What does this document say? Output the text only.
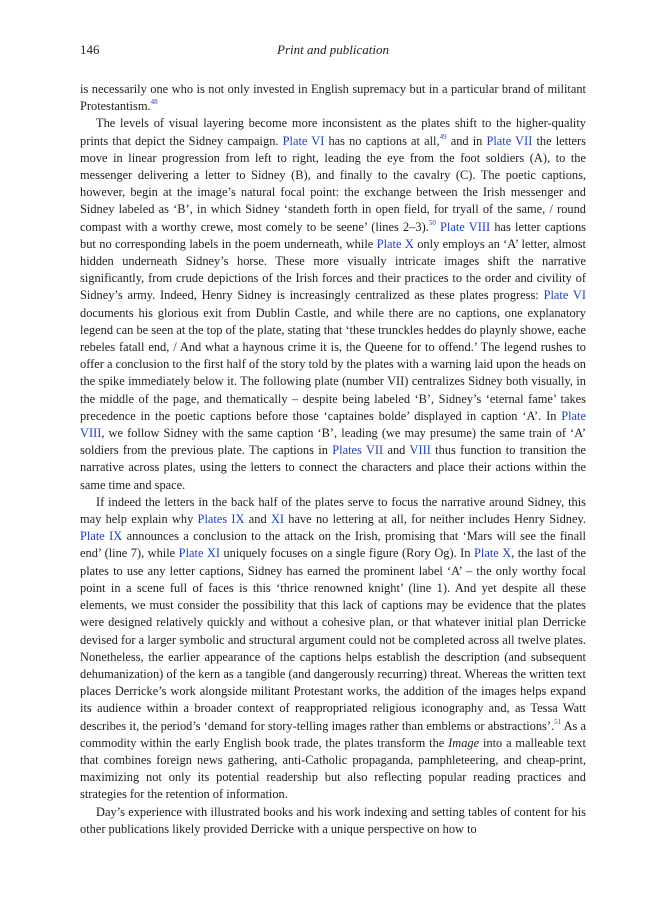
146	Print and publication

is necessarily one who is not only invested in English supremacy but in a particular brand of militant Protestantism.$^{48}$

The levels of visual layering become more inconsistent as the plates shift to the higher-quality prints that depict the Sidney campaign. Plate VI has no captions at all,$^{49}$ and in Plate VII the letters move in linear progression from left to right, leading the eye from the foot soldiers (A), to the messenger delivering a letter to Sidney (B), and finally to the cavalry (C). The poetic captions, however, begin at the image’s natural focal point: the exchange between the Irish messenger and Sidney labeled as ‘B’, in which Sidney ‘standeth forth in open field, for tryall of the same, / round compast with a worthy crewe, most comely to be seene’ (lines 2–3).$^{50}$ Plate VIII has letter captions but no corresponding labels in the poem underneath, while Plate X only employs an ‘A’ letter, almost hidden underneath Sidney’s horse. These more visually intricate images shift the narrative significantly, from crude depictions of the Irish forces and their practices to the order and civility of Sidney’s army. Indeed, Henry Sidney is increasingly centralized as these plates progress: Plate VI documents his glorious exit from Dublin Castle, and while there are no captions, one explanatory legend can be seen at the top of the plate, stating that ‘these trunckles heddes do playnly showe, eache rebeles fatall end, / And what a haynous crime it is, the Queene for to offend.’ The legend rushes to offer a conclusion to the first half of the story told by the plates with a warning laid upon the heads on the spike immediately below it. The following plate (number VII) centralizes Sidney both visually, in the middle of the page, and thematically – despite being labeled ‘B’, Sidney’s ‘eternal fame’ takes precedence in the poetic captions before those ‘captaines bolde’ displayed in caption ‘A’. In Plate VIII, we follow Sidney with the same caption ‘B’, leading (we may presume) the same train of ‘A’ soldiers from the previous plate. The captions in Plates VII and VIII thus function to transition the narrative across plates, using the letters to connect the characters and place their actions within the same time and space.

If indeed the letters in the back half of the plates serve to focus the narrative around Sidney, this may help explain why Plates IX and XI have no lettering at all, for neither includes Henry Sidney. Plate IX announces a conclusion to the attack on the Irish, promising that ‘Mars will see the finall end’ (line 7), while Plate XI uniquely focuses on a single figure (Rory Og). In Plate X, the last of the plates to use any letter captions, Sidney has earned the prominent label ‘A’ – the only worthy focal point in a scene full of faces is this ‘thrice renowned knight’ (line 1). And yet despite all these elements, we must consider the possibility that this lack of captions may be evidence that the plates were designed relatively quickly and without a cohesive plan, or that whatever initial plan Derricke devised for a larger symbolic and structural argument could not be completed across all twelve plates. Nonetheless, the earlier appearance of the captions helps establish the description (and subsequent dehumanization) of the kern as a tangible (and dangerously recurring) threat. Whereas the written text places Derricke’s work alongside militant Protestant works, the addition of the images helps expand its audience within a broader context of reappropriated religious iconography and, as Tessa Watt describes it, the period’s ‘demand for story-telling images rather than emblems or abstractions’.$^{51}$ As a commodity within the early English book trade, the plates transform the Image into a malleable text that combines foreign news gathering, anti-Catholic propaganda, pamphleteering, and cheap-print, maximizing not only its potential readership but also reflecting popular reading practices and strategies for the retention of information.

Day’s experience with illustrated books and his work indexing and setting tables of content for his other publications likely provided Derricke with a unique perspective on how to
